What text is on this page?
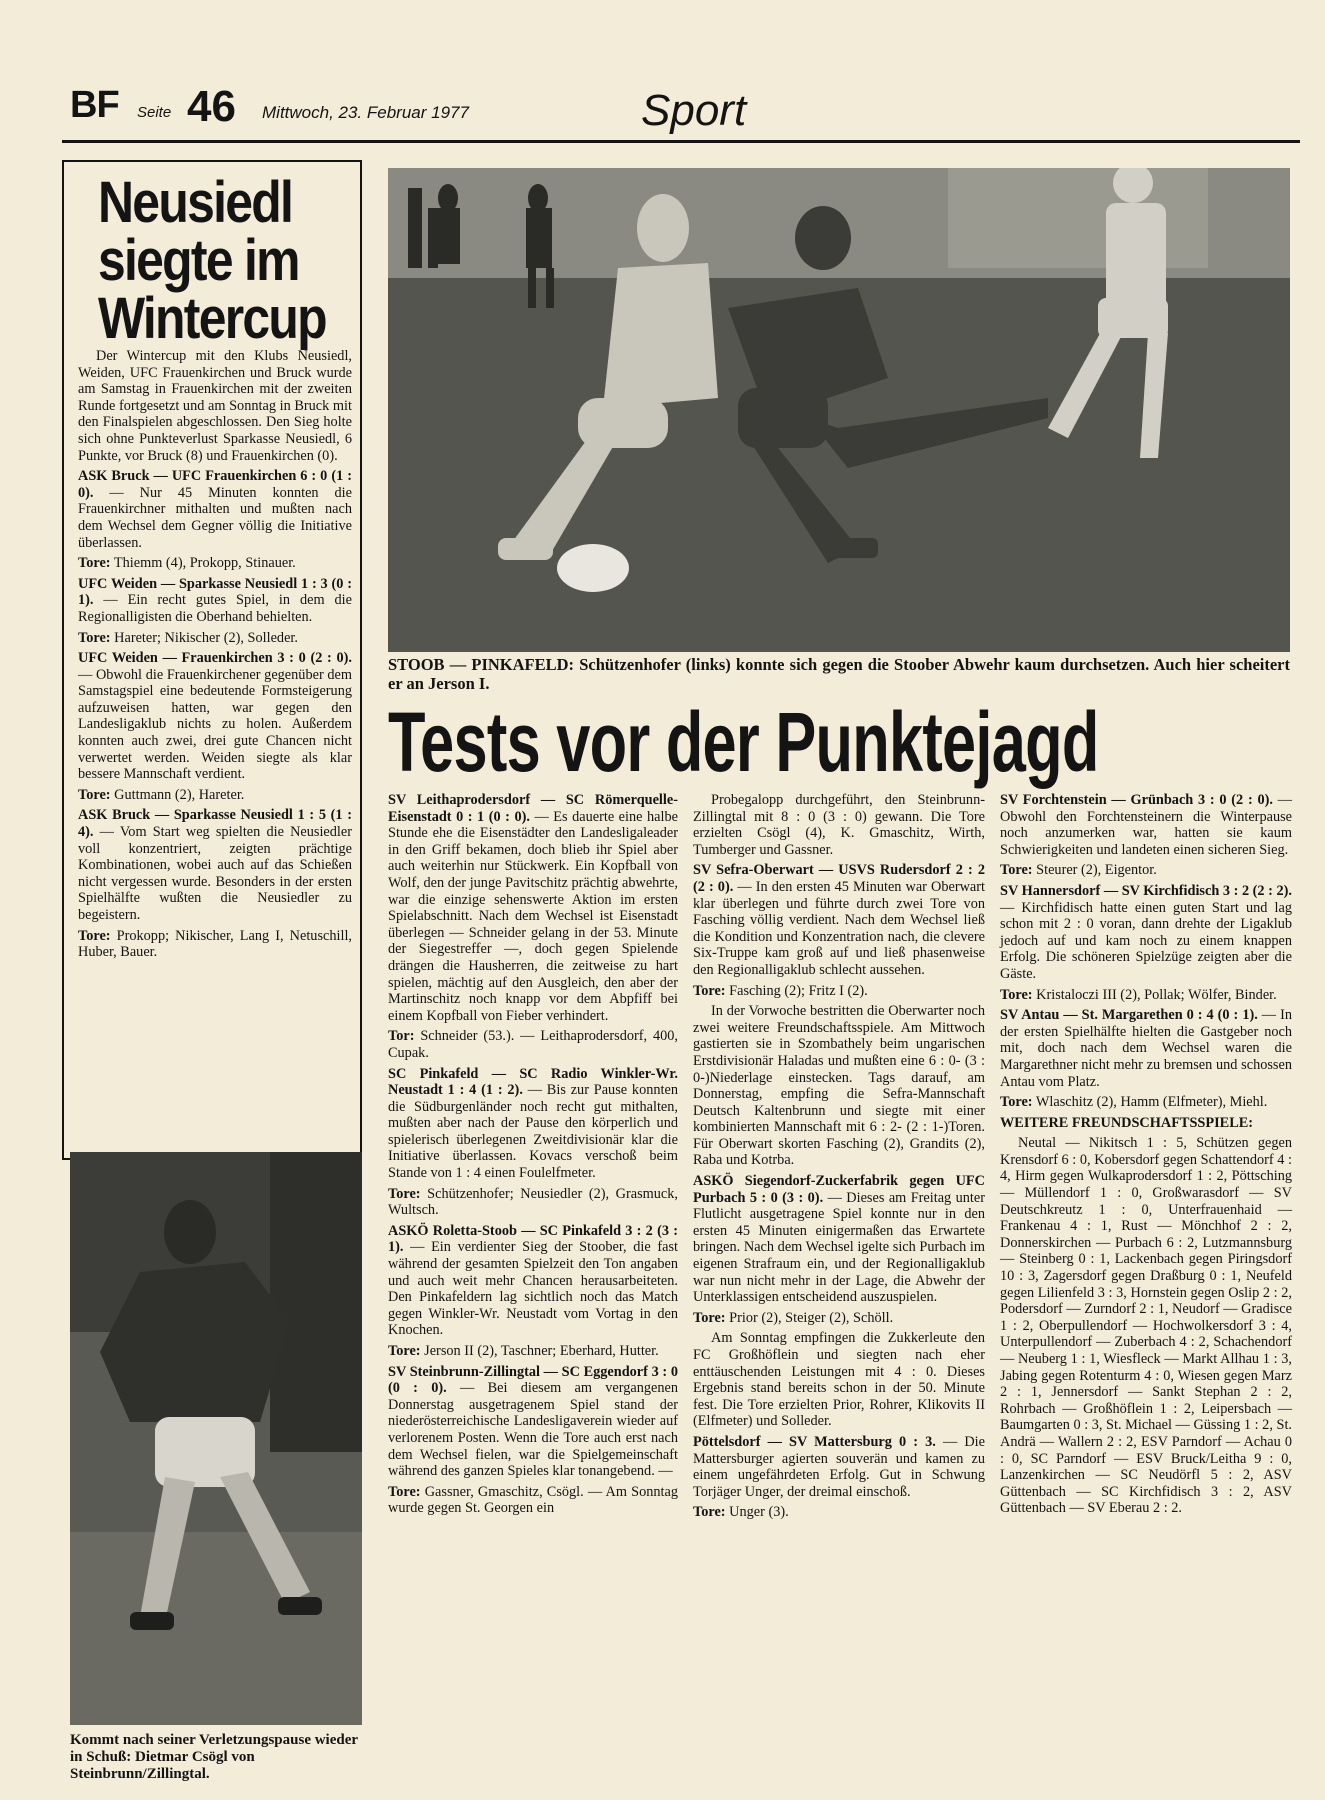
BF Seite 46 Mittwoch, 23. Februar 1977	Sport
Neusiedl siegte im Wintercup

Der Wintercup mit den Klubs Neusiedl, Weiden, UFC Frauenkirchen und Bruck wurde am Samstag in Frauenkirchen mit der zweiten Runde fortgesetzt und am Sonntag in Bruck mit den Finalspielen abgeschlossen. Den Sieg holte sich ohne Punkteverlust Sparkasse Neusiedl, 6 Punkte, vor Bruck (8) und Frauenkirchen (0).

ASK Bruck — UFC Frauenkirchen 6 : 0 (1 : 0). — Nur 45 Minuten konnten die Frauenkirchner mithalten und mußten nach dem Wechsel dem Gegner völlig die Initiative überlassen.

Tore: Thiemm (4), Prokopp, Stinauer.

UFC Weiden — Sparkasse Neusiedl 1 : 3 (0 : 1). — Ein recht gutes Spiel, in dem die Regionalligisten die Oberhand behielten.

Tore: Hareter; Nikischer (2), Solleder.

UFC Weiden — Frauenkirchen 3 : 0 (2 : 0). — Obwohl die Frauenkirchener gegenüber dem Samstagspiel eine bedeutende Formsteigerung aufzuweisen hatten, war gegen den Landesligaklub nichts zu holen. Außerdem konnten auch zwei, drei gute Chancen nicht verwertet werden. Weiden siegte als klar bessere Mannschaft verdient.

Tore: Guttmann (2), Hareter.

ASK Bruck — Sparkasse Neusiedl 1 : 5 (1 : 4). — Vom Start weg spielten die Neusiedler voll konzentriert, zeigten prächtige Kombinationen, wobei auch auf das Schießen nicht vergessen wurde. Besonders in der ersten Spielhälfte wußten die Neusiedler zu begeistern.

Tore: Prokopp; Nikischer, Lang I, Netuschill, Huber, Bauer.

STOOB — PINKAFELD: Schützenhofer (links) konnte sich gegen die Stoober Abwehr kaum durchsetzen. Auch hier scheitert er an Jerson I.
Tests vor der Punktejagd

SV Leithaprodersdorf — SC Römerquelle-Eisenstadt 0 : 1 (0 : 0). — Es dauerte eine halbe Stunde ehe die Eisenstädter den Landesligaleader in den Griff bekamen, doch blieb ihr Spiel aber auch weiterhin nur Stückwerk. Ein Kopfball von Wolf, den der junge Pavitschitz prächtig abwehrte, war die einzige sehenswerte Aktion im ersten Spielabschnitt. Nach dem Wechsel ist Eisenstadt überlegen — Schneider gelang in der 53. Minute der Siegestreffer —, doch gegen Spielende drängen die Hausherren, die zeitweise zu hart spielen, mächtig auf den Ausgleich, den aber der Martinschitz noch knapp vor dem Abpfiff bei einem Kopfball von Fieber verhindert.

Tor: Schneider (53.). — Leithaprodersdorf, 400, Cupak.

SC Pinkafeld — SC Radio Winkler-Wr. Neustadt 1 : 4 (1 : 2). — Bis zur Pause konnten die Südburgenländer noch recht gut mithalten, mußten aber nach der Pause den körperlich und spielerisch überlegenen Zweitdivisionär klar die Initiative überlassen. Kovacs verschoß beim Stande von 1 : 4 einen Foulelfmeter.

Tore: Schützenhofer; Neusiedler (2), Grasmuck, Wultsch.

ASKÖ Roletta-Stoob — SC Pinkafeld 3 : 2 (3 : 1). — Ein verdienter Sieg der Stoober, die fast während der gesamten Spielzeit den Ton angaben und auch weit mehr Chancen herausarbeiteten. Den Pinkafeldern lag sichtlich noch das Match gegen Winkler-Wr. Neustadt vom Vortag in den Knochen.

Tore: Jerson II (2), Taschner; Eberhard, Hutter.

SV Steinbrunn-Zillingtal — SC Eggendorf 3 : 0 (0 : 0). — Bei diesem am vergangenen Donnerstag ausgetragenem Spiel stand der niederösterreichische Landesligaverein wieder auf verlorenem Posten. Wenn die Tore auch erst nach dem Wechsel fielen, war die Spielgemeinschaft während des ganzen Spieles klar tonangebend. —

Tore: Gassner, Gmaschitz, Csögl. — Am Sonntag wurde gegen St. Georgen ein

Probegalopp durchgeführt, den Steinbrunn-Zillingtal mit 8 : 0 (3 : 0) gewann. Die Tore erzielten Csögl (4), K. Gmaschitz, Wirth, Tumberger und Gassner.

SV Sefra-Oberwart — USVS Rudersdorf 2 : 2 (2 : 0). — In den ersten 45 Minuten war Oberwart klar überlegen und führte durch zwei Tore von Fasching völlig verdient. Nach dem Wechsel ließ die Kondition und Konzentration nach, die clevere Six-Truppe kam groß auf und ließ phasenweise den Regionalligaklub schlecht aussehen.

Tore: Fasching (2); Fritz I (2).

In der Vorwoche bestritten die Oberwarter noch zwei weitere Freundschaftsspiele. Am Mittwoch gastierten sie in Szombathely beim ungarischen Erstdivisionär Haladas und mußten eine 6 : 0- (3 : 0-)Niederlage einstecken. Tags darauf, am Donnerstag, empfing die Sefra-Mannschaft Deutsch Kaltenbrunn und siegte mit einer kombinierten Mannschaft mit 6 : 2- (2 : 1-)Toren. Für Oberwart skorten Fasching (2), Grandits (2), Raba und Kotrba.

ASKÖ Siegendorf-Zuckerfabrik gegen UFC Purbach 5 : 0 (3 : 0). — Dieses am Freitag unter Flutlicht ausgetragene Spiel konnte nur in den ersten 45 Minuten einigermaßen das Erwartete bringen. Nach dem Wechsel igelte sich Purbach im eigenen Strafraum ein, und der Regionalligaklub war nun nicht mehr in der Lage, die Abwehr der Unterklassigen entscheidend auszuspielen.

Tore: Prior (2), Steiger (2), Schöll.

Am Sonntag empfingen die Zukkerleute den FC Großhöflein und siegten nach eher enttäuschenden Leistungen mit 4 : 0. Dieses Ergebnis stand bereits schon in der 50. Minute fest. Die Tore erzielten Prior, Rohrer, Klikovits II (Elfmeter) und Solleder.

Pöttelsdorf — SV Mattersburg 0 : 3. — Die Mattersburger agierten souverän und kamen zu einem ungefährdeten Erfolg. Gut in Schwung Torjäger Unger, der dreimal einschoß.

Tore: Unger (3).

SV Forchtenstein — Grünbach 3 : 0 (2 : 0). — Obwohl den Forchtensteinern die Winterpause noch anzumerken war, hatten sie kaum Schwierigkeiten und landeten einen sicheren Sieg.

Tore: Steurer (2), Eigentor.

SV Hannersdorf — SV Kirchfidisch 3 : 2 (2 : 2). — Kirchfidisch hatte einen guten Start und lag schon mit 2 : 0 voran, dann drehte der Ligaklub jedoch auf und kam noch zu einem knappen Erfolg. Die schöneren Spielzüge zeigten aber die Gäste.

Tore: Kristaloczi III (2), Pollak; Wölfer, Binder.

SV Antau — St. Margarethen 0 : 4 (0 : 1). — In der ersten Spielhälfte hielten die Gastgeber noch mit, doch nach dem Wechsel waren die Margarethner nicht mehr zu bremsen und schossen Antau vom Platz.

Tore: Wlaschitz (2), Hamm (Elfmeter), Miehl.

WEITERE FREUNDSCHAFTSSPIELE:

Neutal — Nikitsch 1 : 5, Schützen gegen Krensdorf 6 : 0, Kobersdorf gegen Schattendorf 4 : 4, Hirm gegen Wulkaprodersdorf 1 : 2, Pöttsching — Müllendorf 1 : 0, Großwarasdorf — SV Deutschkreutz 1 : 0, Unterfrauenhaid — Frankenau 4 : 1, Rust — Mönchhof 2 : 2, Donnerskirchen — Purbach 6 : 2, Lutzmannsburg — Steinberg 0 : 1, Lackenbach gegen Piringsdorf 10 : 3, Zagersdorf gegen Draßburg 0 : 1, Neufeld gegen Lilienfeld 3 : 3, Hornstein gegen Oslip 2 : 2, Podersdorf — Zurndorf 2 : 1, Neudorf — Gradisce 1 : 2, Oberpullendorf — Hochwolkersdorf 3 : 4, Unterpullendorf — Zuberbach 4 : 2, Schachendorf — Neuberg 1 : 1, Wiesfleck — Markt Allhau 1 : 3, Jabing gegen Rotenturm 4 : 0, Wiesen gegen Marz 2 : 1, Jennersdorf — Sankt Stephan 2 : 2, Rohrbach — Großhöflein 1 : 2, Leipersbach — Baumgarten 0 : 3, St. Michael — Güssing 1 : 2, St. Andrä — Wallern 2 : 2, ESV Parndorf — Achau 0 : 0, SC Parndorf — ESV Bruck/Leitha 9 : 0, Lanzenkirchen — SC Neudörfl 5 : 2, ASV Güttenbach — SC Kirchfidisch 3 : 2, ASV Güttenbach — SV Eberau 2 : 2.

Kommt nach seiner Verletzungspause wieder in Schuß: Dietmar Csögl von Steinbrunn/Zillingtal.
